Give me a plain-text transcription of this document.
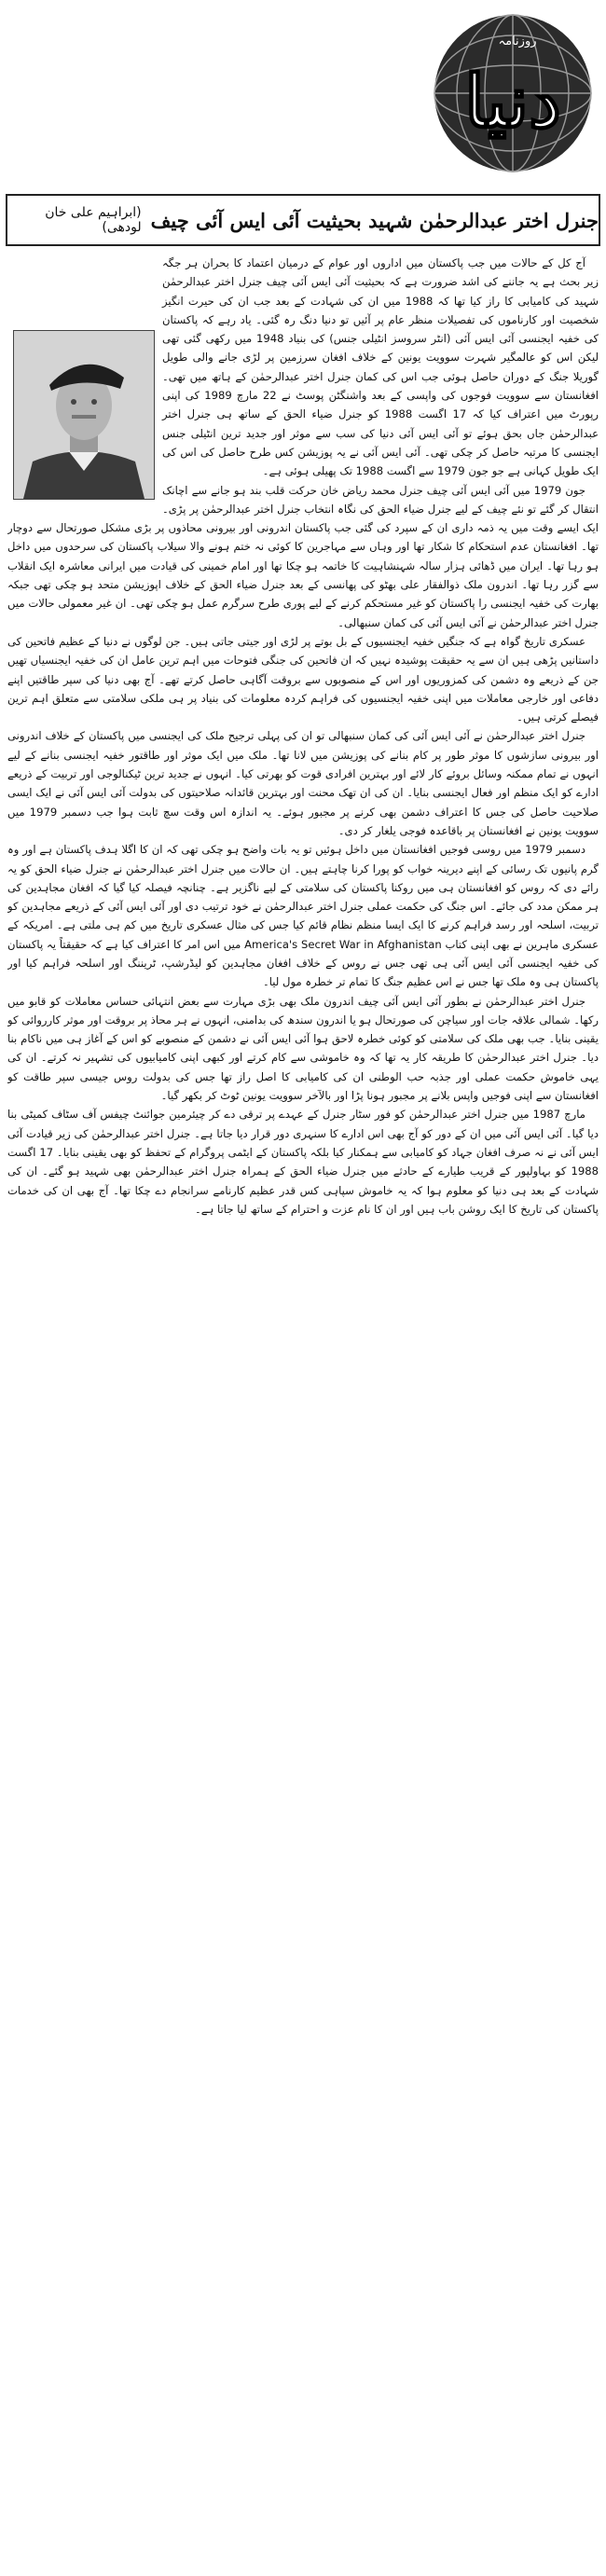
دنیا
روزنامہ
جنرل اختر عبدالرحمٰن شہید بحیثیت آئی ایس آئی چیف
(ابراہیم علی خان لودھی)

آج کل کے حالات میں جب پاکستان میں اداروں اور عوام کے درمیان اعتماد کا بحران ہر جگہ زیر بحث ہے یہ جاننے کی اشد ضرورت ہے کہ بحیثیت آئی ایس آئی چیف جنرل اختر عبدالرحمٰن شہید کی کامیابی کا راز کیا تھا کہ 1988 میں ان کی شہادت کے بعد جب ان کی حیرت انگیز شخصیت اور کارناموں کی تفصیلات منظر عام پر آئیں تو دنیا دنگ رہ گئی۔ یاد رہے کہ پاکستان کی خفیہ ایجنسی آئی ایس آئی (انٹر سروسز انٹیلی جنس) کی بنیاد 1948 میں رکھی گئی تھی لیکن اس کو عالمگیر شہرت سوویت یونین کے خلاف افغان سرزمین پر لڑی جانے والی طویل گوریلا جنگ کے دوران حاصل ہوئی جب اس کی کمان جنرل اختر عبدالرحمٰن کے ہاتھ میں تھی۔ افغانستان سے سوویت فوجوں کی واپسی کے بعد واشنگٹن پوسٹ نے 22 مارچ 1989 کی اپنی رپورٹ میں اعتراف کیا کہ 17 اگست 1988 کو جنرل ضیاء الحق کے ساتھ ہی جنرل اختر عبدالرحمٰن جاں بحق ہوئے تو آئی ایس آئی دنیا کی سب سے موثر اور جدید ترین انٹیلی جنس ایجنسی کا مرتبہ حاصل کر چکی تھی۔ آئی ایس آئی نے یہ پوزیشن کس طرح حاصل کی اس کی ایک طویل کہانی ہے جو جون 1979 سے اگست 1988 تک پھیلی ہوئی ہے۔

جون 1979 میں آئی ایس آئی چیف جنرل محمد ریاض خان حرکت قلب بند ہو جانے سے اچانک انتقال کر گئے تو نئے چیف کے لیے جنرل ضیاء الحق کی نگاہ انتخاب جنرل اختر عبدالرحمٰن پر پڑی۔ ایک ایسے وقت میں یہ ذمہ داری ان کے سپرد کی گئی جب پاکستان اندرونی اور بیرونی محاذوں پر بڑی مشکل صورتحال سے دوچار تھا۔ افغانستان عدم استحکام کا شکار تھا اور وہاں سے مہاجرین کا کوئی نہ ختم ہونے والا سیلاب پاکستان کی سرحدوں میں داخل ہو رہا تھا۔ ایران میں ڈھائی ہزار سالہ شہنشاہیت کا خاتمہ ہو چکا تھا اور امام خمینی کی قیادت میں ایرانی معاشرہ ایک انقلاب سے گزر رہا تھا۔ اندرون ملک ذوالفقار علی بھٹو کی پھانسی کے بعد جنرل ضیاء الحق کے خلاف اپوزیشن متحد ہو چکی تھی جبکہ بھارت کی خفیہ ایجنسی را پاکستان کو غیر مستحکم کرنے کے لیے پوری طرح سرگرم عمل ہو چکی تھی۔ ان غیر معمولی حالات میں جنرل اختر عبدالرحمٰن نے آئی ایس آئی کی کمان سنبھالی۔

عسکری تاریخ گواہ ہے کہ جنگیں خفیہ ایجنسیوں کے بل بوتے پر لڑی اور جیتی جاتی ہیں۔ جن لوگوں نے دنیا کے عظیم فاتحین کی داستانیں پڑھی ہیں ان سے یہ حقیقت پوشیدہ نہیں کہ ان فاتحین کی جنگی فتوحات میں اہم ترین عامل ان کی خفیہ ایجنسیاں تھیں جن کے ذریعے وہ دشمن کی کمزوریوں اور اس کے منصوبوں سے بروقت آگاہی حاصل کرتے تھے۔ آج بھی دنیا کی سپر طاقتیں اپنے دفاعی اور خارجی معاملات میں اپنی خفیہ ایجنسیوں کی فراہم کردہ معلومات کی بنیاد پر ہی ملکی سلامتی سے متعلق اہم ترین فیصلے کرتی ہیں۔

جنرل اختر عبدالرحمٰن نے آئی ایس آئی کی کمان سنبھالی تو ان کی پہلی ترجیح ملک کی ایجنسی میں پاکستان کے خلاف اندرونی اور بیرونی سازشوں کا موثر طور پر کام بنانے کی پوزیشن میں لانا تھا۔ ملک میں ایک موثر اور طاقتور خفیہ ایجنسی بنانے کے لیے انہوں نے تمام ممکنہ وسائل بروئے کار لائے اور بہترین افرادی قوت کو بھرتی کیا۔ انہوں نے جدید ترین ٹیکنالوجی اور تربیت کے ذریعے ادارے کو ایک منظم اور فعال ایجنسی بنایا۔ ان کی ان تھک محنت اور بہترین قائدانہ صلاحیتوں کی بدولت آئی ایس آئی نے ایک ایسی صلاحیت حاصل کی جس کا اعتراف دشمن بھی کرنے پر مجبور ہوئے۔ یہ اندازہ اس وقت سچ ثابت ہوا جب دسمبر 1979 میں سوویت یونین نے افغانستان پر باقاعدہ فوجی یلغار کر دی۔

دسمبر 1979 میں روسی فوجیں افغانستان میں داخل ہوئیں تو یہ بات واضح ہو چکی تھی کہ ان کا اگلا ہدف پاکستان ہے اور وہ گرم پانیوں تک رسائی کے اپنے دیرینہ خواب کو پورا کرنا چاہتے ہیں۔ ان حالات میں جنرل اختر عبدالرحمٰن نے جنرل ضیاء الحق کو یہ رائے دی کہ روس کو افغانستان ہی میں روکنا پاکستان کی سلامتی کے لیے ناگزیر ہے۔ چنانچہ فیصلہ کیا گیا کہ افغان مجاہدین کی ہر ممکن مدد کی جائے۔ اس جنگ کی حکمت عملی جنرل اختر عبدالرحمٰن نے خود ترتیب دی اور آئی ایس آئی کے ذریعے مجاہدین کو تربیت، اسلحہ اور رسد فراہم کرنے کا ایک ایسا منظم نظام قائم کیا جس کی مثال عسکری تاریخ میں کم ہی ملتی ہے۔ امریکہ کے عسکری ماہرین نے بھی اپنی کتاب America's Secret War in Afghanistan میں اس امر کا اعتراف کیا ہے کہ حقیقتاً یہ پاکستان کی خفیہ ایجنسی آئی ایس آئی ہی تھی جس نے روس کے خلاف افغان مجاہدین کو لیڈرشپ، ٹریننگ اور اسلحہ فراہم کیا اور پاکستان ہی وہ ملک تھا جس نے اس عظیم جنگ کا تمام تر خطرہ مول لیا۔

جنرل اختر عبدالرحمٰن نے بطور آئی ایس آئی چیف اندرون ملک بھی بڑی مہارت سے بعض انتہائی حساس معاملات کو قابو میں رکھا۔ شمالی علاقہ جات اور سیاچن کی صورتحال ہو یا اندرون سندھ کی بدامنی، انہوں نے ہر محاذ پر بروقت اور موثر کارروائی کو یقینی بنایا۔ جب بھی ملک کی سلامتی کو کوئی خطرہ لاحق ہوا آئی ایس آئی نے دشمن کے منصوبے کو اس کے آغاز ہی میں ناکام بنا دیا۔ جنرل اختر عبدالرحمٰن کا طریقہ کار یہ تھا کہ وہ خاموشی سے کام کرتے اور کبھی اپنی کامیابیوں کی تشہیر نہ کرتے۔ ان کی یہی خاموش حکمت عملی اور جذبہ حب الوطنی ان کی کامیابی کا اصل راز تھا جس کی بدولت روس جیسی سپر طاقت کو افغانستان سے اپنی فوجیں واپس بلانے پر مجبور ہونا پڑا اور بالآخر سوویت یونین ٹوٹ کر بکھر گیا۔

مارچ 1987 میں جنرل اختر عبدالرحمٰن کو فور سٹار جنرل کے عہدے پر ترقی دے کر چیئرمین جوائنٹ چیفس آف سٹاف کمیٹی بنا دیا گیا۔ آئی ایس آئی میں ان کے دور کو آج بھی اس ادارے کا سنہری دور قرار دیا جاتا ہے۔ جنرل اختر عبدالرحمٰن کی زیر قیادت آئی ایس آئی نے نہ صرف افغان جہاد کو کامیابی سے ہمکنار کیا بلکہ پاکستان کے ایٹمی پروگرام کے تحفظ کو بھی یقینی بنایا۔ 17 اگست 1988 کو بہاولپور کے قریب طیارے کے حادثے میں جنرل ضیاء الحق کے ہمراہ جنرل اختر عبدالرحمٰن بھی شہید ہو گئے۔ ان کی شہادت کے بعد ہی دنیا کو معلوم ہوا کہ یہ خاموش سپاہی کس قدر عظیم کارنامے سرانجام دے چکا تھا۔ آج بھی ان کی خدمات پاکستان کی تاریخ کا ایک روشن باب ہیں اور ان کا نام عزت و احترام کے ساتھ لیا جاتا ہے۔
